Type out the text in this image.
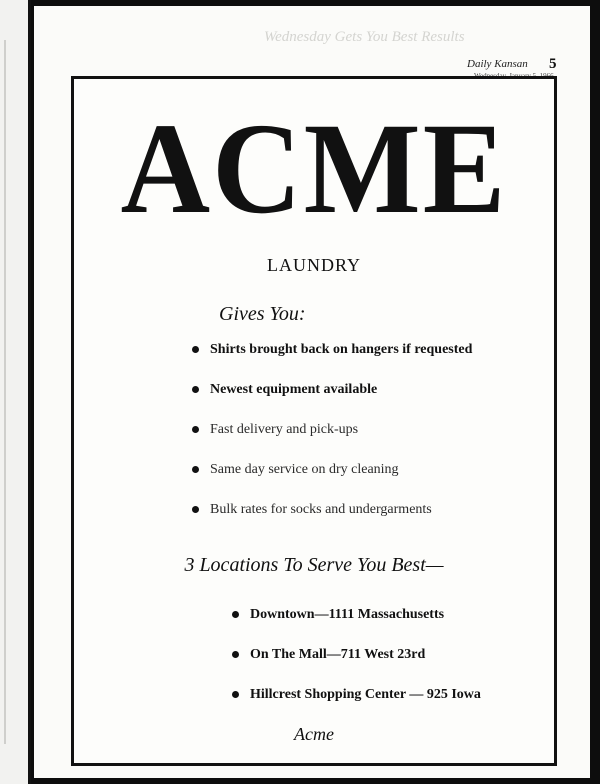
Wednesday Gets You Best Results
Daily Kansan 5
ACME
LAUNDRY
Gives You:
Shirts brought back on hangers if requested
Newest equipment available
Fast delivery and pick-ups
Same day service on dry cleaning
Bulk rates for socks and undergarments
3 Locations To Serve You Best—
Downtown—1111 Massachusetts
On The Mall—711 West 23rd
Hillcrest Shopping Center — 925 Iowa
Acme
